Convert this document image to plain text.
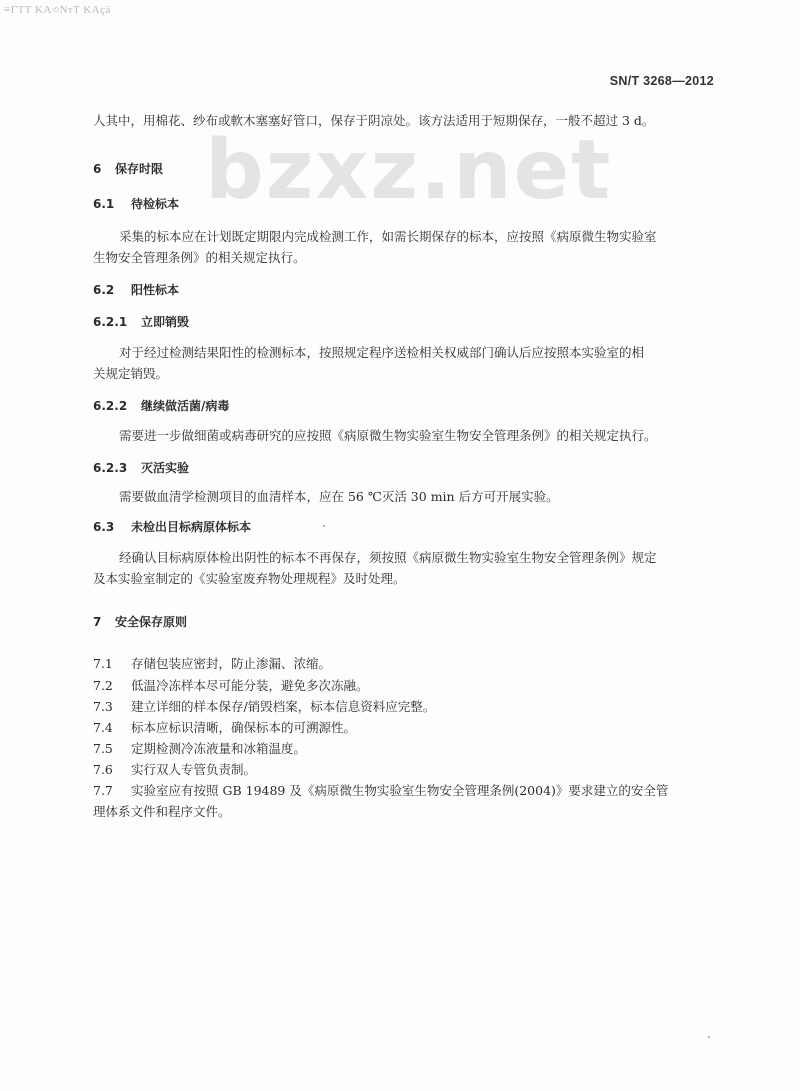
≡ΓΤΤ ΚΑ৩ΝτΤ ΚΑçä
SN/T 3268—2012
bzxz.net
人其中，用棉花、纱布或軟木塞塞好管口，保存于阴凉处。该方法适用于短期保存，一般不超过 3 d。
6 保存时限
6.1 待检标本
采集的标本应在计划既定期限内完成检测工作，如需长期保存的标本，应按照《病原微生物实验室
生物安全管理条例》的相关规定执行。
6.2 阳性标本
6.2.1 立即销毁
对于经过检测结果阳性的检测标本，按照规定程序送检相关权威部门确认后应按照本实验室的相
关规定销毁。
6.2.2 继续做活菌/病毒
需要进一步做细菌或病毒研究的应按照《病原微生物实验室生物安全管理条例》的相关规定执行。
6.2.3 灭活实验
需要做血清学检测项目的血清样本，应在 56 ℃灭活 30 min 后方可开展实验。
6.3 未检出目标病原体标本
经确认目标病原体检出阴性的标本不再保存，须按照《病原微生物实验室生物安全管理条例》规定
及本实验室制定的《实验室废弃物处理规程》及时处理。
7 安全保存原则
7.1 存储包装应密封，防止渗漏、浓缩。
7.2 低温冷冻样本尽可能分装，避免多次冻融。
7.3 建立详细的样本保存/销毁档案，标本信息资料应完整。
7.4 标本应标识清晰，确保标本的可溯源性。
7.5 定期检测冷冻液量和冰箱温度。
7.6 实行双人专管负责制。
7.7 实验室应有按照 GB 19489 及《病原微生物实验室生物安全管理条例(2004)》要求建立的安全管
理体系文件和程序文件。
